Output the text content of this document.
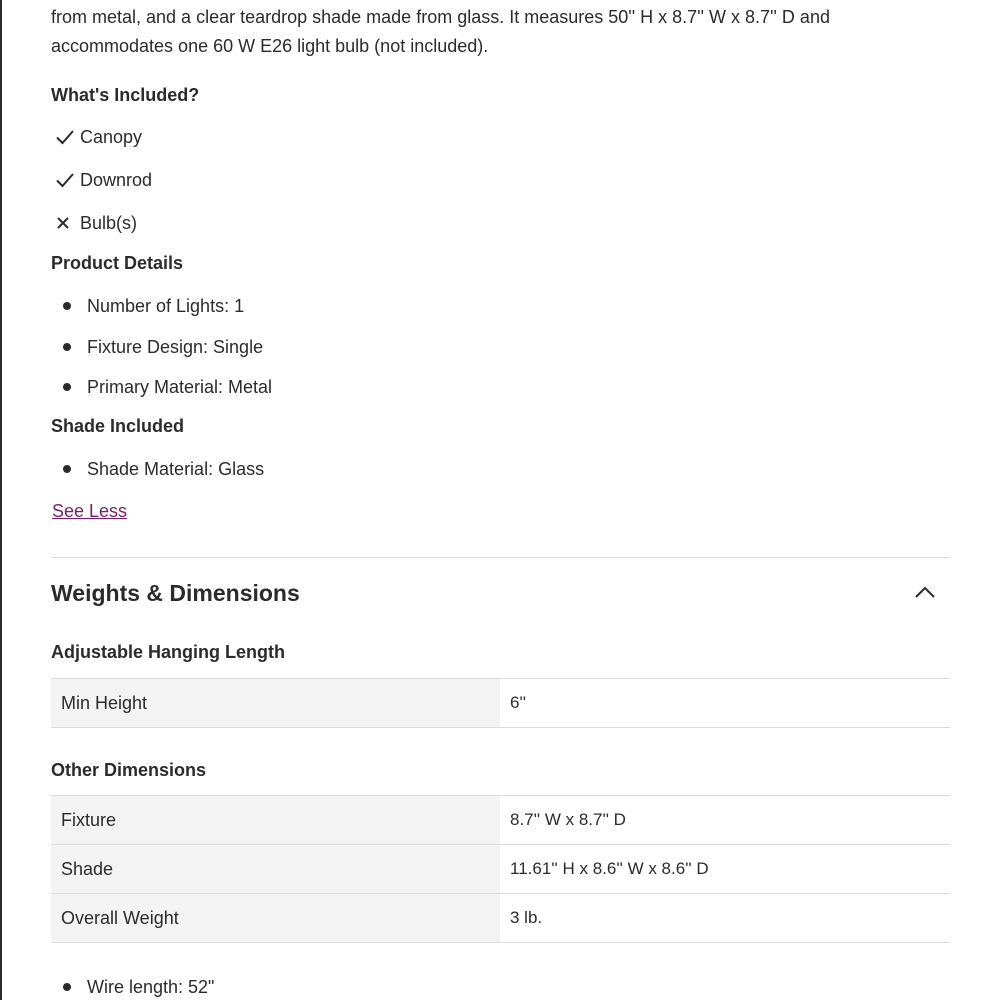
from metal, and a clear teardrop shade made from glass. It measures 50'' H x 8.7'' W x 8.7'' D and accommodates one 60 W E26 light bulb (not included).

What's Included?
Canopy
Downrod
Bulb(s)
Product Details
Number of Lights: 1
Fixture Design: Single
Primary Material: Metal
Shade Included
Shade Material: Glass
See Less
Weights & Dimensions
Adjustable Hanging Length
Min Height	6''
Other Dimensions
Fixture	8.7'' W x 8.7'' D
Shade	11.61'' H x 8.6'' W x 8.6'' D
Overall Weight	3 lb.
Wire length: 52"
